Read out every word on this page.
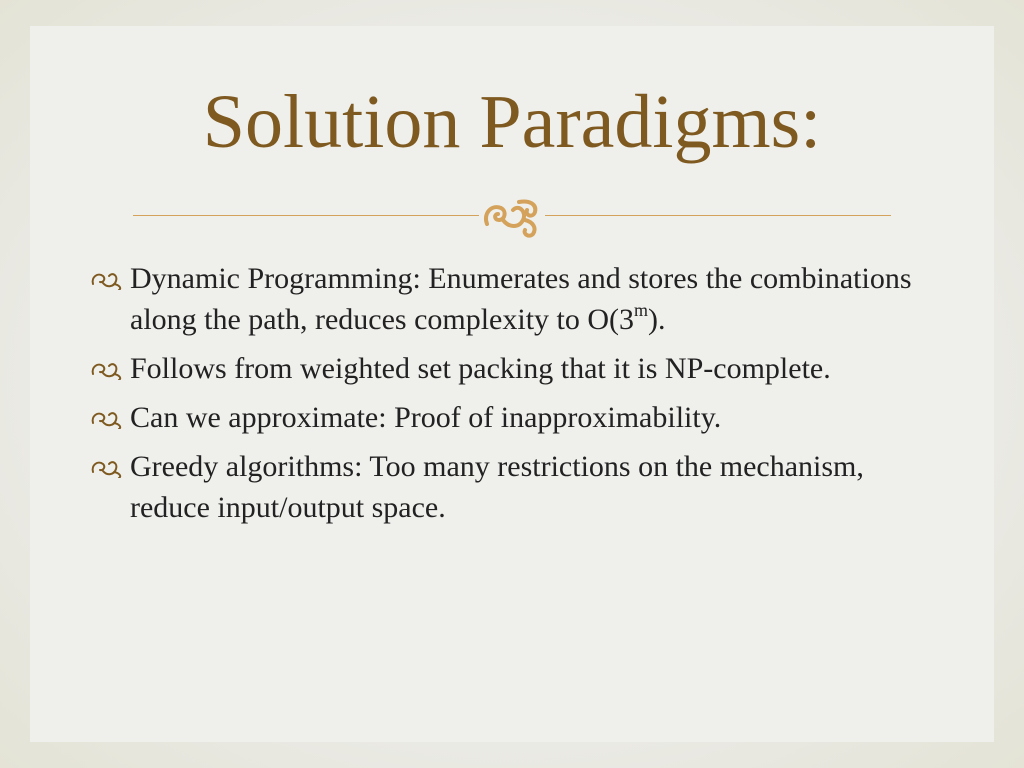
Solution Paradigms:
Dynamic Programming: Enumerates and stores the combinations along the path, reduces complexity to O(3$^m$).
Follows from weighted set packing that it is NP-complete.
Can we approximate: Proof of inapproximability.
Greedy algorithms: Too many restrictions on the mechanism, reduce input/output space.
